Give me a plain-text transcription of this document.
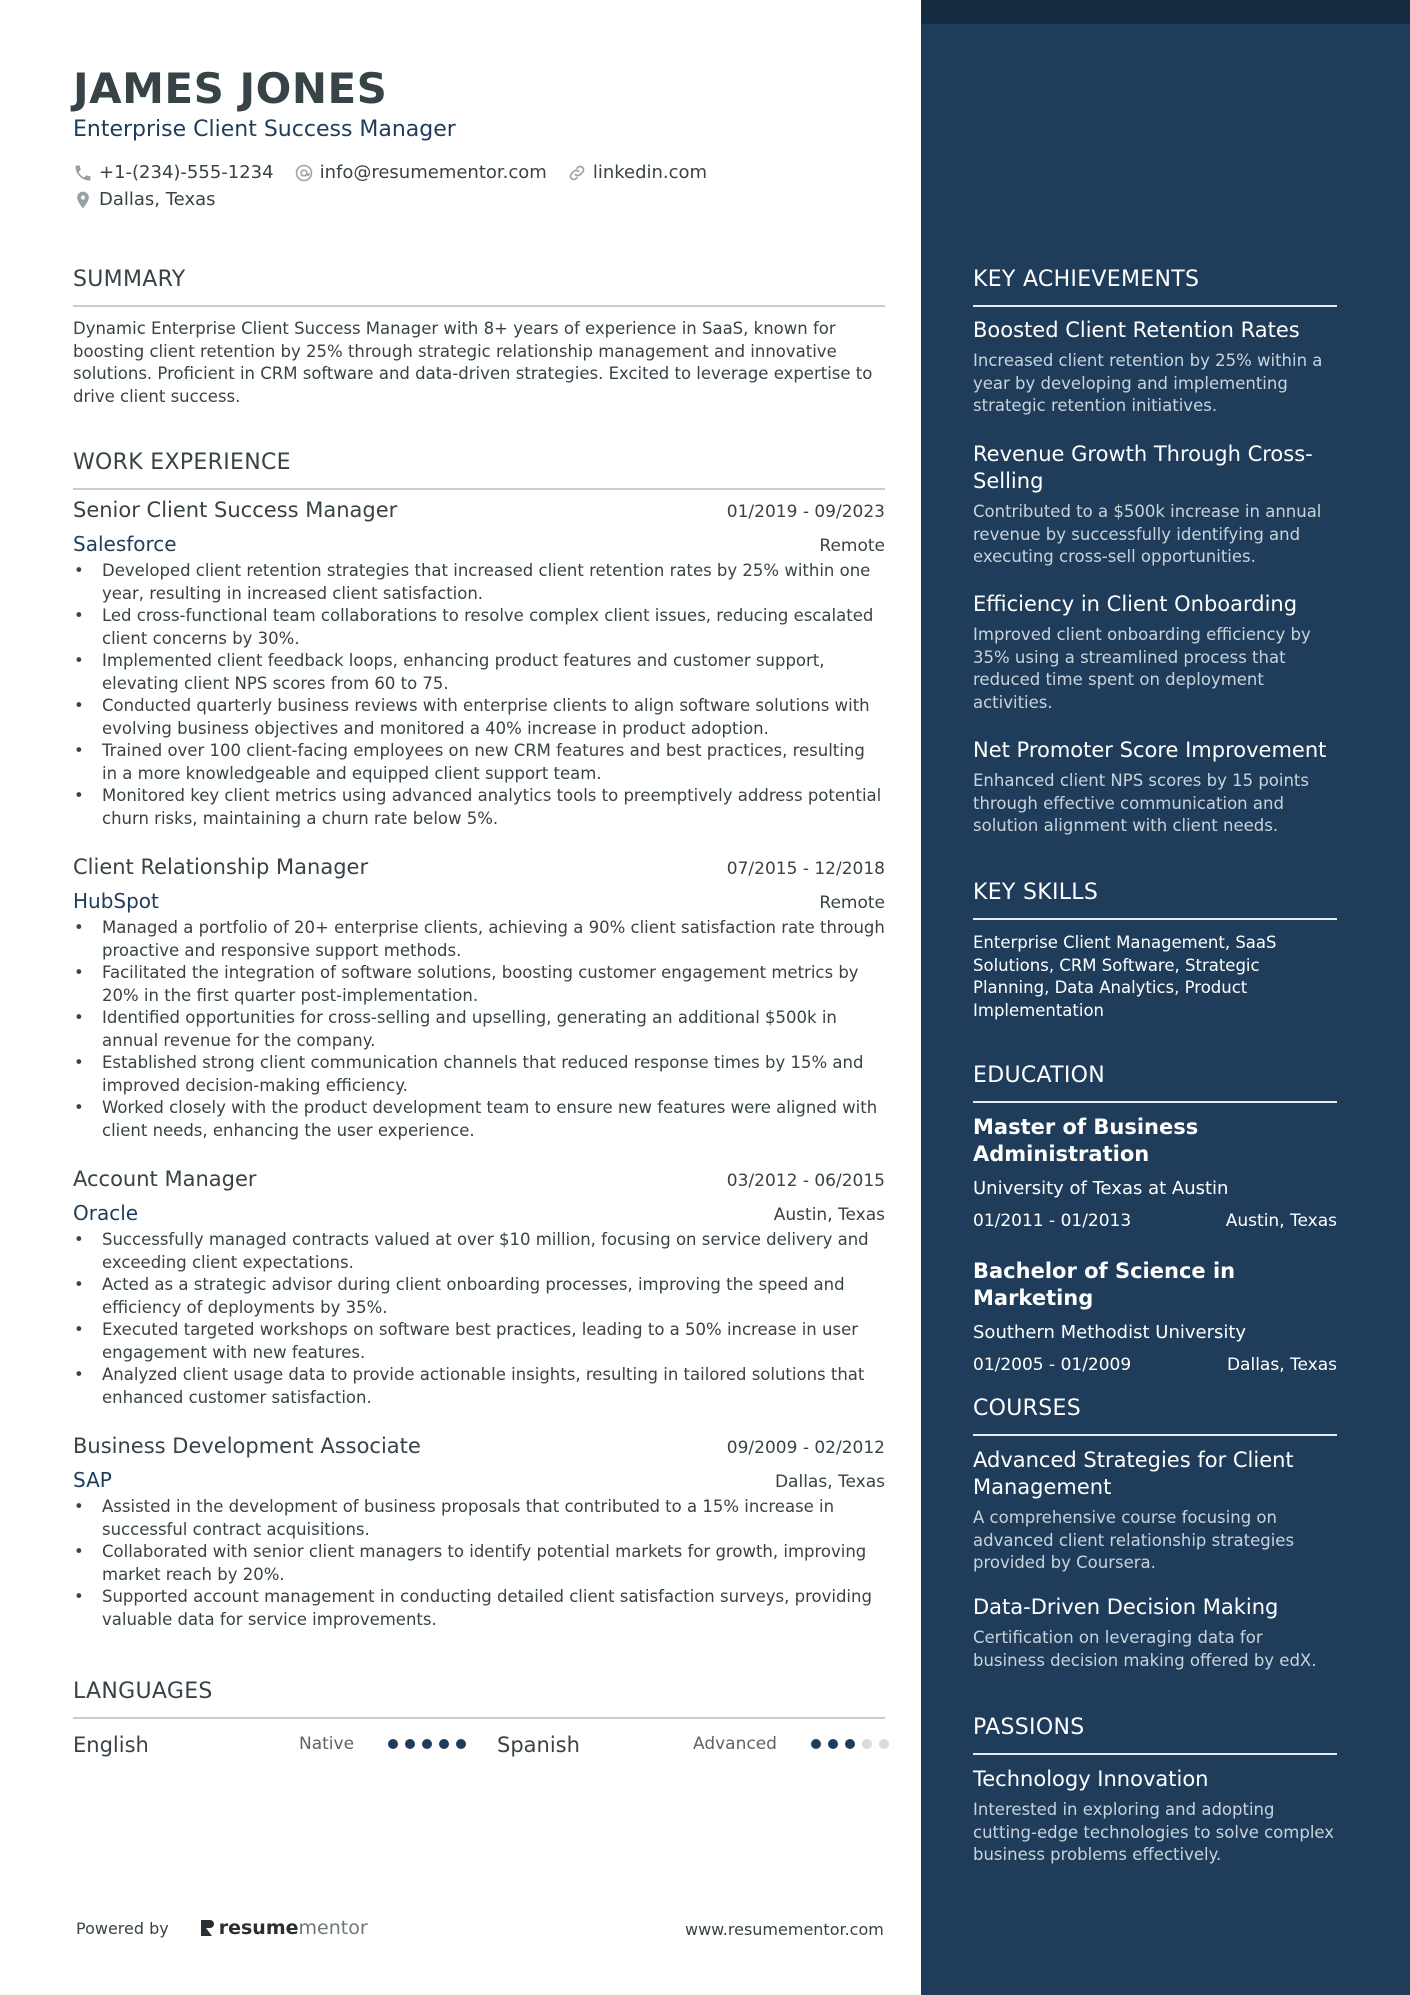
JAMES JONES
Enterprise Client Success Manager
+1-(234)-555-1234	info@resumementor.com	linkedin.com
Dallas, Texas
SUMMARY
Dynamic Enterprise Client Success Manager with 8+ years of experience in SaaS, known for boosting client retention by 25% through strategic relationship management and innovative solutions. Proficient in CRM software and data-driven strategies. Excited to leverage expertise to drive client success.
WORK EXPERIENCE
Senior Client Success Manager	01/2019 - 09/2023
Salesforce	Remote
• Developed client retention strategies that increased client retention rates by 25% within one year, resulting in increased client satisfaction.
• Led cross-functional team collaborations to resolve complex client issues, reducing escalated client concerns by 30%.
• Implemented client feedback loops, enhancing product features and customer support, elevating client NPS scores from 60 to 75.
• Conducted quarterly business reviews with enterprise clients to align software solutions with evolving business objectives and monitored a 40% increase in product adoption.
• Trained over 100 client-facing employees on new CRM features and best practices, resulting in a more knowledgeable and equipped client support team.
• Monitored key client metrics using advanced analytics tools to preemptively address potential churn risks, maintaining a churn rate below 5%.
Client Relationship Manager	07/2015 - 12/2018
HubSpot	Remote
• Managed a portfolio of 20+ enterprise clients, achieving a 90% client satisfaction rate through proactive and responsive support methods.
• Facilitated the integration of software solutions, boosting customer engagement metrics by 20% in the first quarter post-implementation.
• Identified opportunities for cross-selling and upselling, generating an additional $500k in annual revenue for the company.
• Established strong client communication channels that reduced response times by 15% and improved decision-making efficiency.
• Worked closely with the product development team to ensure new features were aligned with client needs, enhancing the user experience.
Account Manager	03/2012 - 06/2015
Oracle	Austin, Texas
• Successfully managed contracts valued at over $10 million, focusing on service delivery and exceeding client expectations.
• Acted as a strategic advisor during client onboarding processes, improving the speed and efficiency of deployments by 35%.
• Executed targeted workshops on software best practices, leading to a 50% increase in user engagement with new features.
• Analyzed client usage data to provide actionable insights, resulting in tailored solutions that enhanced customer satisfaction.
Business Development Associate	09/2009 - 02/2012
SAP	Dallas, Texas
• Assisted in the development of business proposals that contributed to a 15% increase in successful contract acquisitions.
• Collaborated with senior client managers to identify potential markets for growth, improving market reach by 20%.
• Supported account management in conducting detailed client satisfaction surveys, providing valuable data for service improvements.
LANGUAGES
English	Native	Spanish	Advanced
Powered by	resume mentor	www.resumementor.com
KEY ACHIEVEMENTS
Boosted Client Retention Rates
Increased client retention by 25% within a year by developing and implementing strategic retention initiatives.
Revenue Growth Through Cross-Selling
Contributed to a $500k increase in annual revenue by successfully identifying and executing cross-sell opportunities.
Efficiency in Client Onboarding
Improved client onboarding efficiency by 35% using a streamlined process that reduced time spent on deployment activities.
Net Promoter Score Improvement
Enhanced client NPS scores by 15 points through effective communication and solution alignment with client needs.
KEY SKILLS
Enterprise Client Management, SaaS Solutions, CRM Software, Strategic Planning, Data Analytics, Product Implementation
EDUCATION
Master of Business Administration
University of Texas at Austin
01/2011 - 01/2013	Austin, Texas
Bachelor of Science in Marketing
Southern Methodist University
01/2005 - 01/2009	Dallas, Texas
COURSES
Advanced Strategies for Client Management
A comprehensive course focusing on advanced client relationship strategies provided by Coursera.
Data-Driven Decision Making
Certification on leveraging data for business decision making offered by edX.
PASSIONS
Technology Innovation
Interested in exploring and adopting cutting-edge technologies to solve complex business problems effectively.
